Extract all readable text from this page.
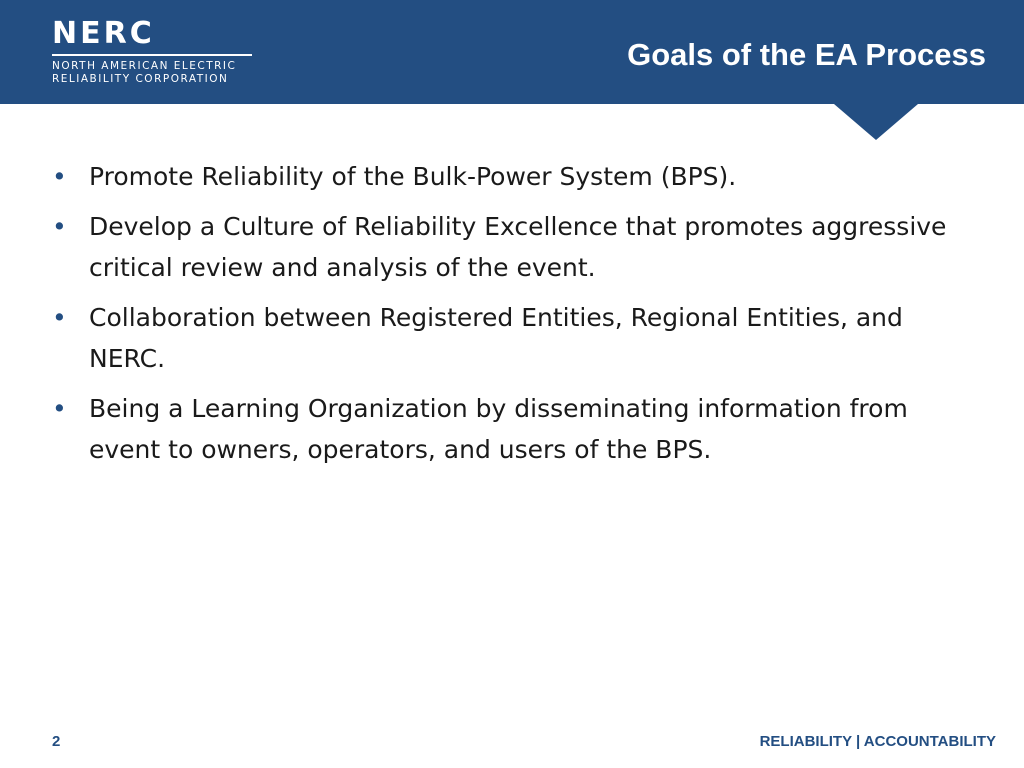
NERC
NORTH AMERICAN ELECTRIC
RELIABILITY CORPORATION
Goals of the EA Process
• Promote Reliability of the Bulk-Power System (BPS).
• Develop a Culture of Reliability Excellence that promotes aggressive critical review and analysis of the event.
• Collaboration between Registered Entities, Regional Entities, and NERC.
• Being a Learning Organization by disseminating information from event to owners, operators, and users of the BPS.
2	RELIABILITY | ACCOUNTABILITY
